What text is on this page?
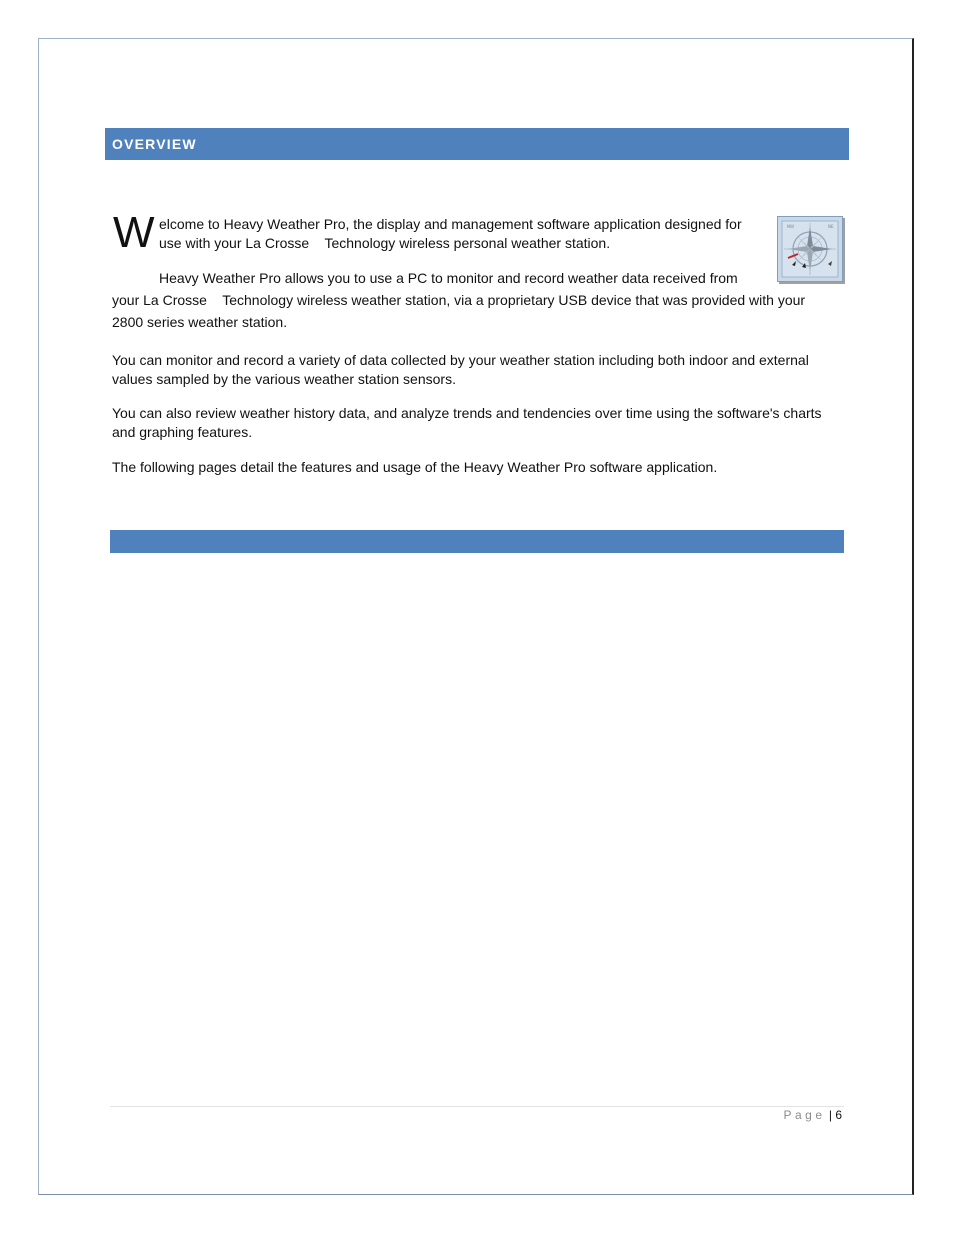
OVERVIEW
W elcome to Heavy Weather Pro, the display and management software application designed for

use with your La Crosse    Technology wireless personal weather station.

NW	NE

Heavy Weather Pro allows you to use a PC to monitor and record weather data received from

your La Crosse    Technology wireless weather station, via a proprietary USB device that was provided with your

2800 series weather station.

You can monitor and record a variety of data collected by your weather station including both indoor and external

values sampled by the various weather station sensors.

You can also review weather history data, and analyze trends and tendencies over time using the software's charts

and graphing features.

The following pages detail the features and usage of the Heavy Weather Pro software application.

Page | 6
